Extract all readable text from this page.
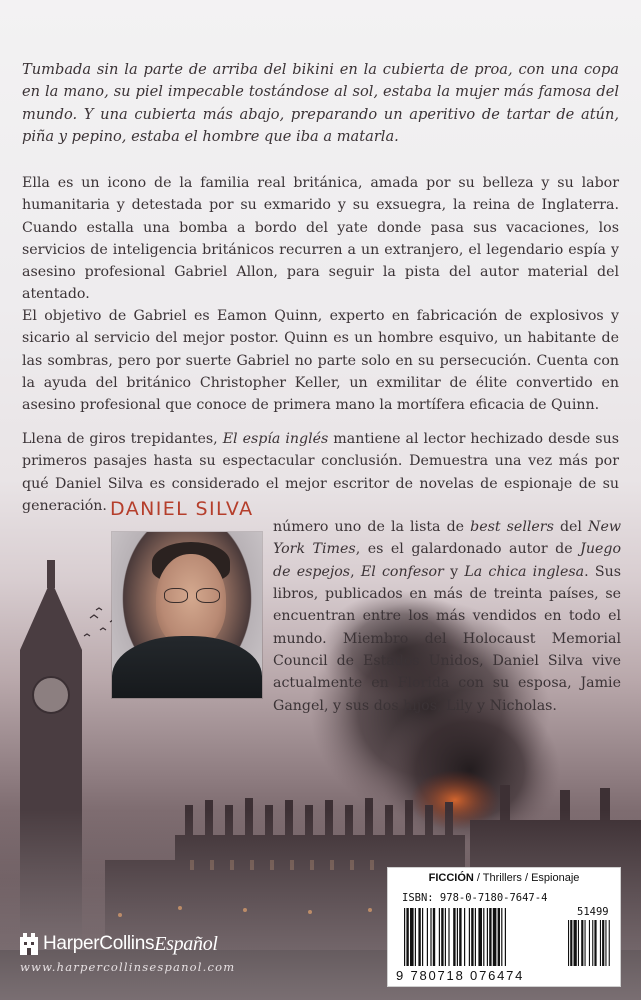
Tumbada sin la parte de arriba del bikini en la cubierta de proa, con una copa en la mano, su piel impecable tostándose al sol, estaba la mujer más famosa del mundo. Y una cubierta más abajo, preparando un aperitivo de tartar de atún, piña y pepino, estaba el hombre que iba a matarla.

Ella es un icono de la familia real británica, amada por su belleza y su labor humanitaria y detestada por su exmarido y su exsuegra, la reina de Inglaterra. Cuando estalla una bomba a bordo del yate donde pasa sus vacaciones, los servicios de inteligencia británicos recurren a un extranjero, el legendario espía y asesino profesional Gabriel Allon, para seguir la pista del autor material del atentado.

El objetivo de Gabriel es Eamon Quinn, experto en fabricación de explosivos y sicario al servicio del mejor postor. Quinn es un hombre esquivo, un habitante de las sombras, pero por suerte Gabriel no parte solo en su persecución. Cuenta con la ayuda del británico Christopher Keller, un exmilitar de élite convertido en asesino profesional que conoce de primera mano la mortífera eficacia de Quinn.

Llena de giros trepidantes, El espía inglés mantiene al lector hechizado desde sus primeros pasajes hasta su espectacular conclusión. Demuestra una vez más por qué Daniel Silva es considerado el mejor escritor de novelas de espionaje de su generación. DANIEL SILVA

número uno de la lista de best sellers del New York Times, es el galardonado autor de Juego de espejos, El confesor y La chica inglesa. Sus libros, publicados en más de treinta países, se encuentran entre los más vendidos en todo el mundo. Miembro del Holocaust Memorial Council de Estados Unidos, Daniel Silva vive actualmente en Florida con su esposa, Jamie Gangel, y sus dos hijos, Lily y Nicholas.

HarperCollins Español
www.harpercollinsespanol.com
FICCIÓN / Thrillers / Espionaje
ISBN: 978-0-7180-7647-4
51499
9 780718 076474
